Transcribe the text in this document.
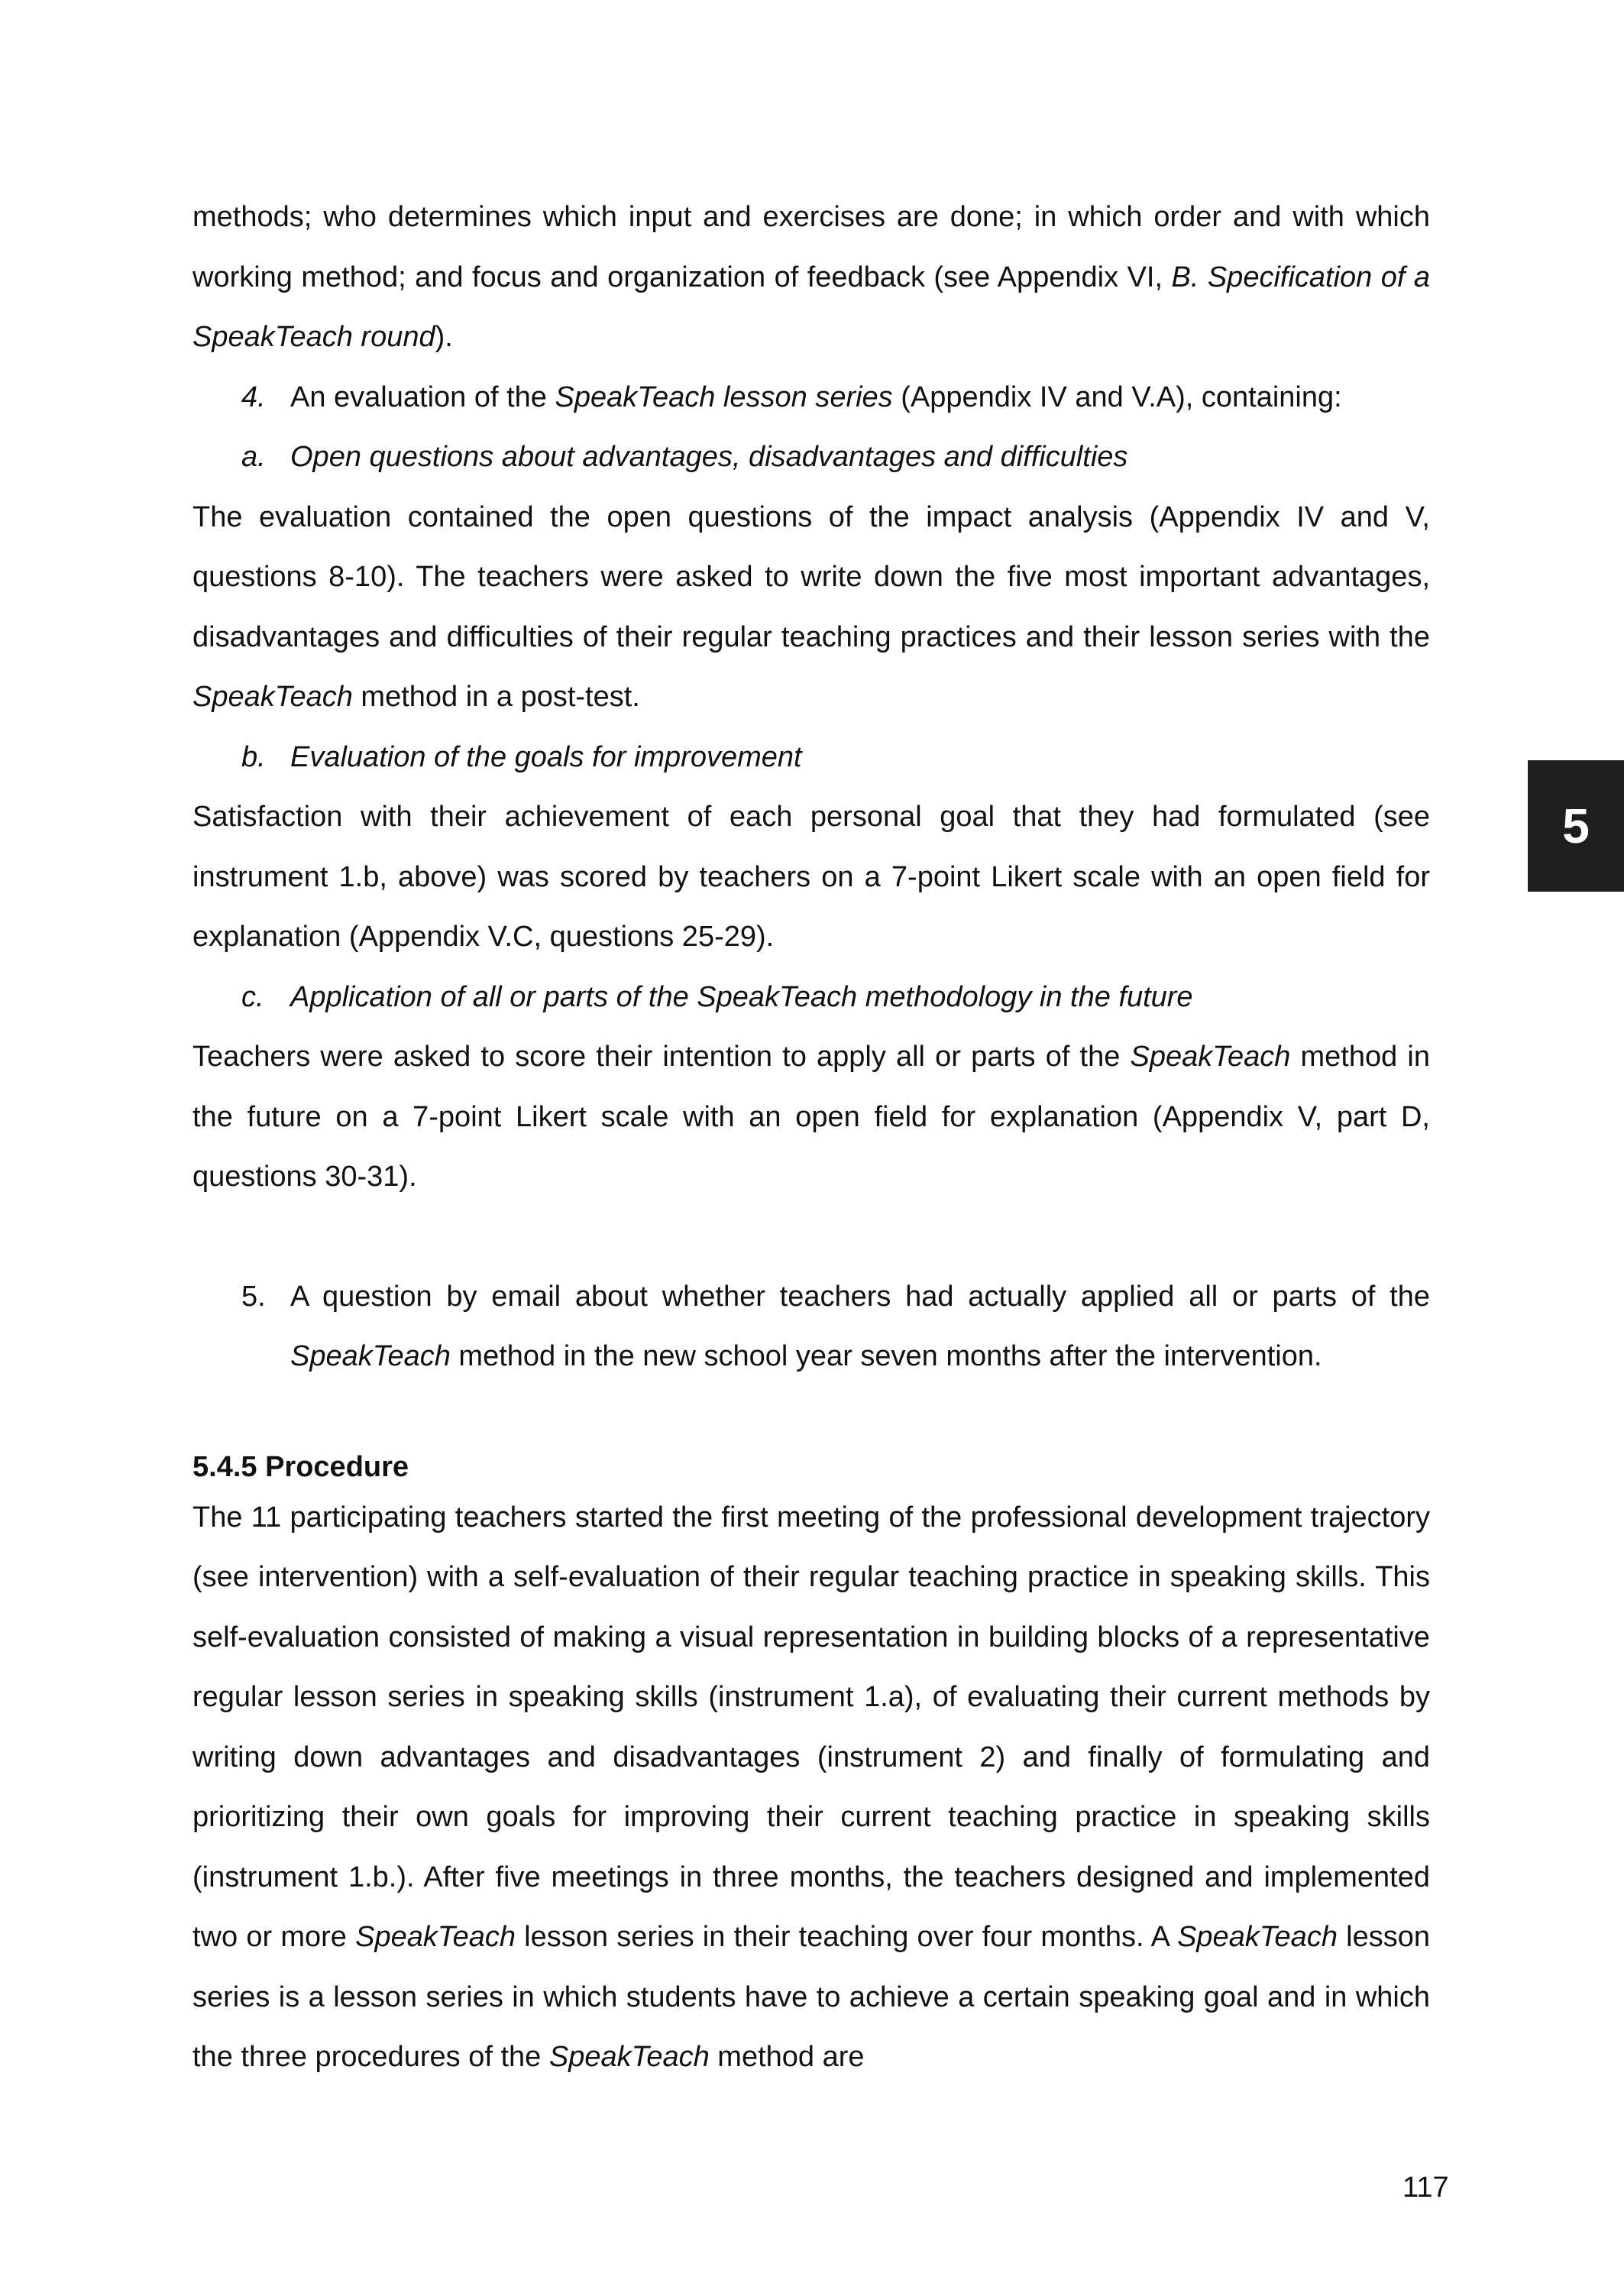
methods; who determines which input and exercises are done; in which order and with which working method; and focus and organization of feedback (see Appendix VI, B. Specification of a SpeakTeach round).

4. An evaluation of the SpeakTeach lesson series (Appendix IV and V.A), containing:

a. Open questions about advantages, disadvantages and difficulties

The evaluation contained the open questions of the impact analysis (Appendix IV and V, questions 8-10). The teachers were asked to write down the five most important advantages, disadvantages and difficulties of their regular teaching practices and their lesson series with the SpeakTeach method in a post-test.

b. Evaluation of the goals for improvement

Satisfaction with their achievement of each personal goal that they had formulated (see instrument 1.b, above) was scored by teachers on a 7-point Likert scale with an open field for explanation (Appendix V.C, questions 25-29).

c. Application of all or parts of the SpeakTeach methodology in the future

Teachers were asked to score their intention to apply all or parts of the SpeakTeach method in the future on a 7-point Likert scale with an open field for explanation (Appendix V, part D, questions 30-31).

5. A question by email about whether teachers had actually applied all or parts of the SpeakTeach method in the new school year seven months after the intervention.

5.4.5 Procedure

The 11 participating teachers started the first meeting of the professional development trajectory (see intervention) with a self-evaluation of their regular teaching practice in speaking skills. This self-evaluation consisted of making a visual representation in building blocks of a representative regular lesson series in speaking skills (instrument 1.a), of evaluating their current methods by writing down advantages and disadvantages (instrument 2) and finally of formulating and prioritizing their own goals for improving their current teaching practice in speaking skills (instrument 1.b.). After five meetings in three months, the teachers designed and implemented two or more SpeakTeach lesson series in their teaching over four months. A SpeakTeach lesson series is a lesson series in which students have to achieve a certain speaking goal and in which the three procedures of the SpeakTeach method are

5
117
